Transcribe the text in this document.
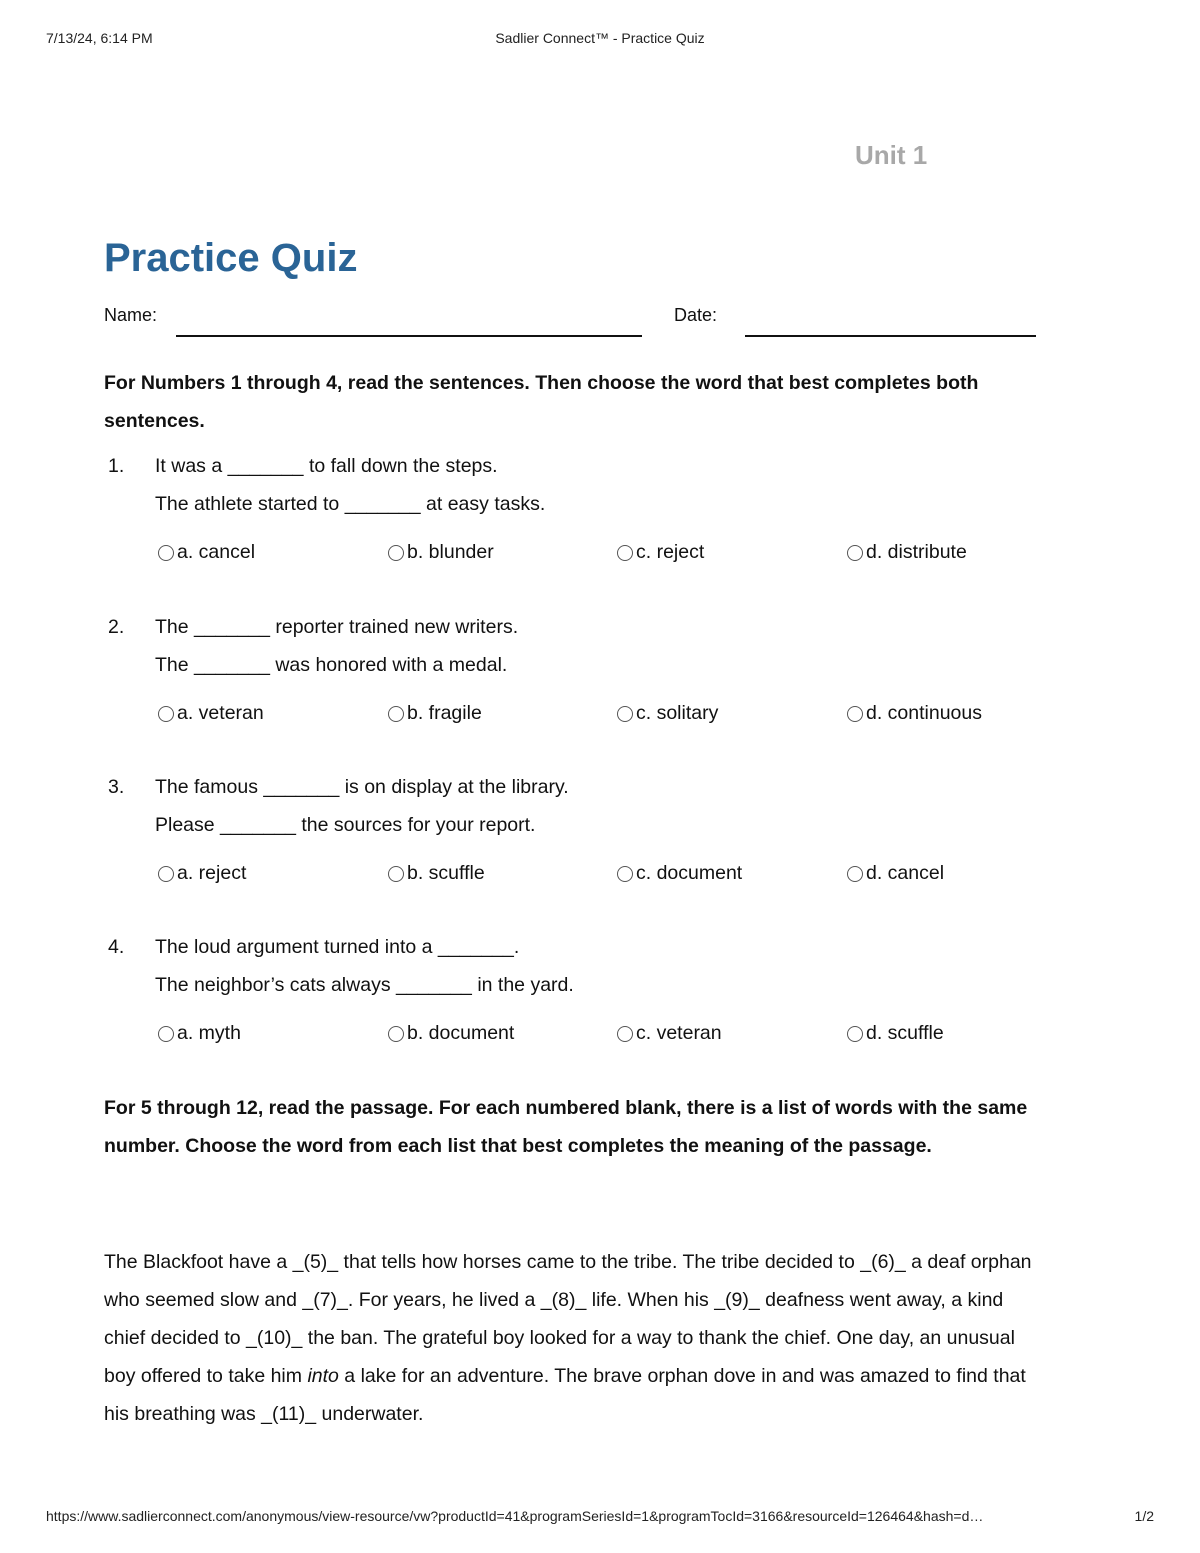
7/13/24, 6:14 PM	Sadlier Connect™ - Practice Quiz
Unit 1
Practice Quiz
Name:	Date:

For Numbers 1 through 4, read the sentences. Then choose the word that best completes both sentences.

1. It was a _______ to fall down the steps.
The athlete started to _______ at easy tasks.
a. cancel	b. blunder	c. reject	d. distribute
2. The _______ reporter trained new writers.
The _______ was honored with a medal.
a. veteran	b. fragile	c. solitary	d. continuous
3. The famous _______ is on display at the library.
Please _______ the sources for your report.
a. reject	b. scuffle	c. document	d. cancel
4. The loud argument turned into a _______.
The neighbor’s cats always _______ in the yard.
a. myth	b. document	c. veteran	d. scuffle

For 5 through 12, read the passage. For each numbered blank, there is a list of words with the same number. Choose the word from each list that best completes the meaning of the passage.

The Blackfoot have a _(5)_ that tells how horses came to the tribe. The tribe decided to _(6)_ a deaf orphan who seemed slow and _(7)_. For years, he lived a _(8)_ life. When his _(9)_ deafness went away, a kind chief decided to _(10)_ the ban. The grateful boy looked for a way to thank the chief. One day, an unusual boy offered to take him into a lake for an adventure. The brave orphan dove in and was amazed to find that his breathing was _(11)_ underwater.

https://www.sadlierconnect.com/anonymous/view-resource/vw?productId=41&programSeriesId=1&programTocId=3166&resourceId=126464&hash=d…	1/2
